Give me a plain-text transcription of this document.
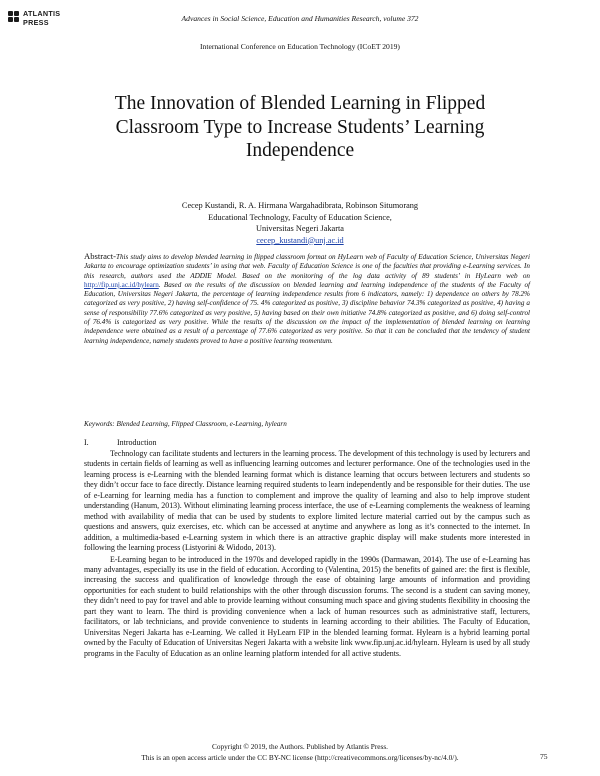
ATLANTIS
PRESS	Advances in Social Science, Education and Humanities Research, volume 372
International Conference on Education Technology (ICoET 2019)
The Innovation of Blended Learning in Flipped Classroom Type to Increase Students’ Learning Independence
Cecep Kustandi, R. A. Hirmana Wargahadibrata, Robinson Situmorang
Educational Technology, Faculty of Education Science,
Universitas Negeri Jakarta
cecep_kustandi@unj.ac.id
Abstract-This study aims to develop blended learning in flipped classroom format on HyLearn web of Faculty of Education Science, Universitas Negeri Jakarta to encourage optimization students’ in using that web. Faculty of Education Science is one of the faculties that providing e-Learning services. In this research, authors used the ADDIE Model. Based on the monitoring of the log data activity of 89 students’ in HyLearn web on http://fip.unj.ac.id/hylearn. Based on the results of the discussion on blended learning and learning independence of the students of the Faculty of Education, Universitas Negeri Jakarta, the percentage of learning independence results from 6 indicators, namely: 1) dependence on others by 78.2% categorized as very positive, 2) having self-confidence of 75. 4% categorized as positive, 3) discipline behavior 74.3% categorized as positive, 4) having a sense of responsibility 77.6% categorized as very positive, 5) having based on their own initiative 74.8% categorized as positive, and 6) doing self-control of 76.4% is categorized as very positive. While the results of the discussion on the impact of the implementation of blended learning on learning independence were obtained as a result of a percentage of 77.6% categorized as very positive. So that it can be concluded that the tendency of student learning independence, namely students proved to have a positive learning momentum.
Keywords: Blended Learning, Flipped Classroom, e-Learning, hylearn
I.	Introduction

Technology can facilitate students and lecturers in the learning process. The development of this technology is used by lecturers and students in certain fields of learning as well as influencing learning outcomes and lecturer performance. One of the technologies used in the learning process is e-Learning with the blended learning format which is distance learning that occurs between lecturers and students so they didn’t occur face to face directly. Distance learning required students to learn independently and be responsible for their duties. The use of e-Learning for learning media has a function to complement and improve the quality of learning and also to help improve student understanding (Hanum, 2013). Without eliminating learning process interface, the use of e-Learning complements the weakness of learning method with availability of media that can be used by students to explore limited lecture material carried out by the campus such as questions and answers, quiz exercises, etc. which can be accessed at anytime and anywhere as long as it’s connected to the internet. In addition, a multimedia-based e-Learning system in which there is an attractive graphic display will make students more interested in following the learning process (Listyorini & Widodo, 2013).

E-Learning began to be introduced in the 1970s and developed rapidly in the 1990s (Darmawan, 2014). The use of e-Learning has many advantages, especially its use in the field of education. According to (Valentina, 2015) the benefits of gained are: the first is flexible, increasing the success and qualification of knowledge through the ease of obtaining large amounts of information and providing opportunities for each student to build relationships with the other through discussion forums. The second is a student can saving money, they didn’t need to pay for travel and able to provide learning without consuming much space and giving students flexibility in choosing the part they want to learn. The third is providing convenience when a lack of human resources such as administrative staff, lecturers, facilitators, or lab technicians, and provide convenience to students in learning according to their abilities. The Faculty of Education, Universitas Negeri Jakarta has e-Learning. We called it HyLearn FIP in the blended learning format. Hylearn is a hybrid learning portal owned by the Faculty of Education of Universitas Negeri Jakarta with a website link www.fip.unj.ac.id/hylearn. Hylearn is used by all study programs in the Faculty of Education as an online learning platform intended for all active students.

Copyright © 2019, the Authors. Published by Atlantis Press.
This is an open access article under the CC BY-NC license (http://creativecommons.org/licenses/by-nc/4.0/).	75
